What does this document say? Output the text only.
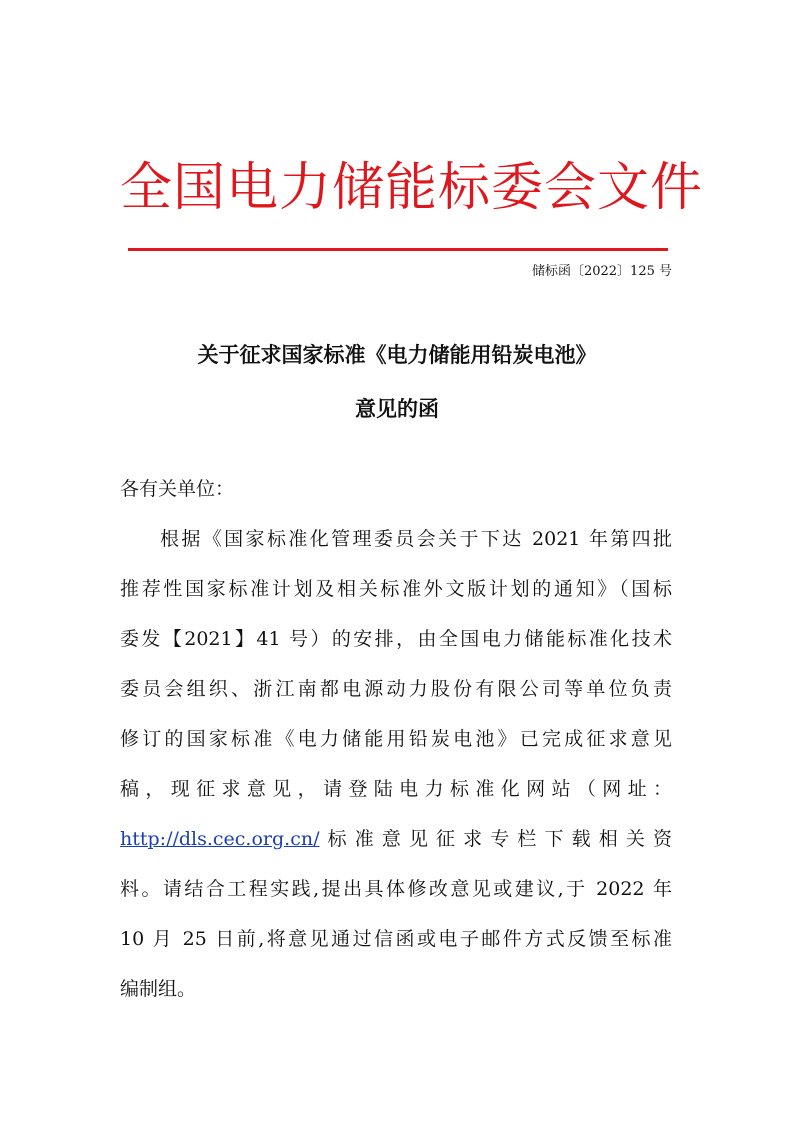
全国电力储能标委会文件
储标函〔2022〕125 号
关于征求国家标准《电力储能用铅炭电池》
意见的函
各有关单位：
根据《国家标准化管理委员会关于下达 2021 年第四批
推荐性国家标准计划及相关标准外文版计划的通知》（国标
委发【2021】41 号）的安排，由全国电力储能标准化技术
委员会组织、浙江南都电源动力股份有限公司等单位负责
修订的国家标准《电力储能用铅炭电池》已完成征求意见
稿，现征求意见，请登陆电力标准化网站（网址：
http://dls.cec.org.cn/标准意见征求专栏下载相关资
料。请结合工程实践,提出具体修改意见或建议,于 2022 年
10 月 25 日前,将意见通过信函或电子邮件方式反馈至标准
编制组。
